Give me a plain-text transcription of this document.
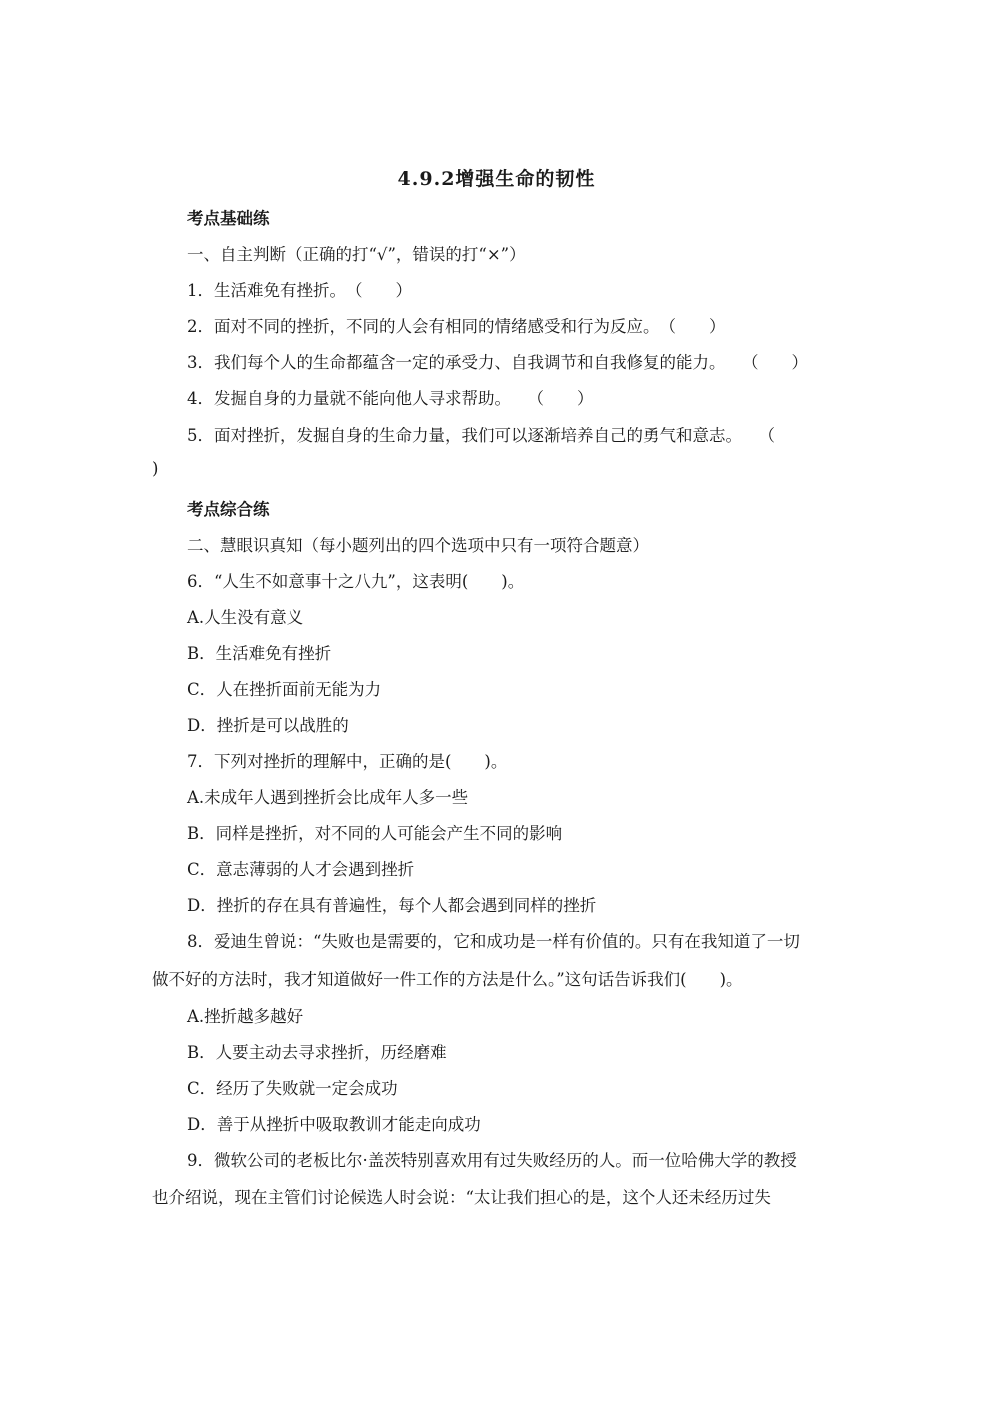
4.9.2增强生命的韧性
考点基础练
一、自主判断（正确的打“√”，错误的打“×”）
1．生活难免有挫折。　（　　）
2．面对不同的挫折，不同的人会有相同的情绪感受和行为反应。　（　　）
3．我们每个人的生命都蕴含一定的承受力、自我调节和自我修复的能力。　　（　　）
4．发掘自身的力量就不能向他人寻求帮助。　　（　　）
5．面对挫折，发掘自身的生命力量，我们可以逐渐培养自己的勇气和意志。　　（
)
考点综合练
二、慧眼识真知（每小题列出的四个选项中只有一项符合题意）
6．“人生不如意事十之八九”，这表明(　　)。
A.人生没有意义
B．生活难免有挫折
C．人在挫折面前无能为力
D．挫折是可以战胜的
7．下列对挫折的理解中，正确的是(　　)。
A.未成年人遇到挫折会比成年人多一些
B．同样是挫折，对不同的人可能会产生不同的影响
C．意志薄弱的人才会遇到挫折
D．挫折的存在具有普遍性，每个人都会遇到同样的挫折
8．爱迪生曾说：“失败也是需要的，它和成功是一样有价值的。只有在我知道了一切
做不好的方法时，我才知道做好一件工作的方法是什么。”这句话告诉我们(　　)。
A.挫折越多越好
B．人要主动去寻求挫折，历经磨难
C．经历了失败就一定会成功
D．善于从挫折中吸取教训才能走向成功
9．微软公司的老板比尔·盖茨特别喜欢用有过失败经历的人。而一位哈佛大学的教授
也介绍说，现在主管们讨论候选人时会说：“太让我们担心的是，这个人还未经历过失
